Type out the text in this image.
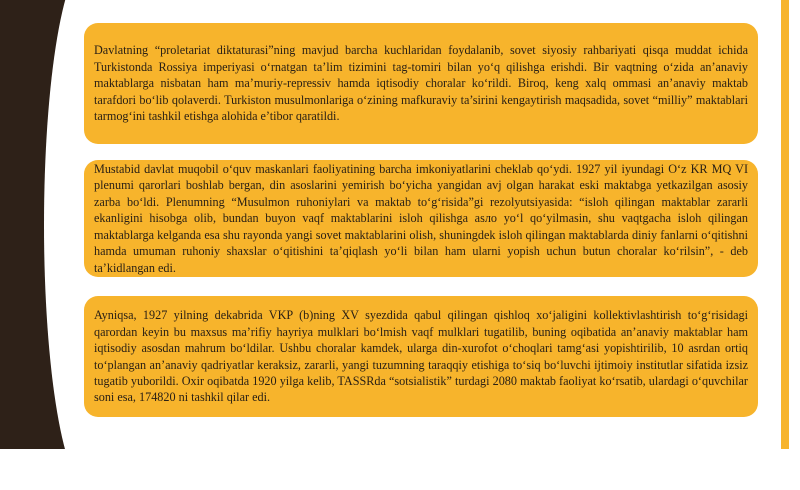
Davlatning “proletariat diktaturasi”ning mavjud barcha kuchlaridan foydalanib, sovet siyosiy rahbariyati qisqa muddat ichida Turkistonda Rossiya imperiyasi o‘rnatgan ta’lim tizimini tag-tomiri bilan yo‘q qilishga erishdi. Bir vaqtning o‘zida an’anaviy maktablarga nisbatan ham ma’muriy-repressiv hamda iqtisodiy choralar ko‘rildi. Biroq, keng xalq ommasi an’anaviy maktab tarafdori bo‘lib qolaverdi. Turkiston musulmonlariga o‘zining mafkuraviy ta’sirini kengaytirish maqsadida, sovet “milliy” maktablari tarmog‘ini tashkil etishga alohida e’tibor qaratildi.

Mustabid davlat muqobil o‘quv maskanlari faoliyatining barcha imkoniyatlarini cheklab qo‘ydi. 1927 yil iyundagi O‘z KR MQ VI plenumi qarorlari boshlab bergan, din asoslarini yemirish bo‘yicha yangidan avj olgan harakat eski maktabga yetkazilgan asosiy zarba bo‘ldi. Plenumning “Musulmon ruhoniylari va maktab to‘g‘risida”gi rezolyutsiyasida: “isloh qilingan maktablar zararli ekanligini hisobga olib, bundan buyon vaqf maktablarini isloh qilishga asло yo‘l qo‘yilmasin, shu vaqtgacha isloh qilingan maktablarga kelganda esa shu rayonda yangi sovet maktablarini olish, shuningdek isloh qilingan maktablarda diniy fanlarni o‘qitishni hamda umuman ruhoniy shaxslar o‘qitishini ta’qiqlash yo‘li bilan ham ularni yopish uchun butun choralar ko‘rilsin”, - deb ta’kidlangan edi.

Ayniqsa, 1927 yilning dekabrida VKP (b)ning XV syezdida qabul qilingan qishloq xo‘jaligini kollektivlashtirish to‘g‘risidagi qarordan keyin bu maxsus ma’rifiy hayriya mulklari bo‘lmish vaqf mulklari tugatilib, buning oqibatida an’anaviy maktablar ham iqtisodiy asosdan mahrum bo‘ldilar. Ushbu choralar kamdek, ularga din-xurofot o‘choqlari tamg‘asi yopishtirilib, 10 asrdan ortiq to‘plangan an’anaviy qadriyatlar keraksiz, zararli, yangi tuzumning taraqqiy etishiga to‘siq bo‘luvchi ijtimoiy institutlar sifatida izsiz tugatib yuborildi. Oxir oqibatda 1920 yilga kelib, TASSRda “sotsialistik” turdagi 2080 maktab faoliyat ko‘rsatib, ulardagi o‘quvchilar soni esa, 174820 ni tashkil qilar edi.
